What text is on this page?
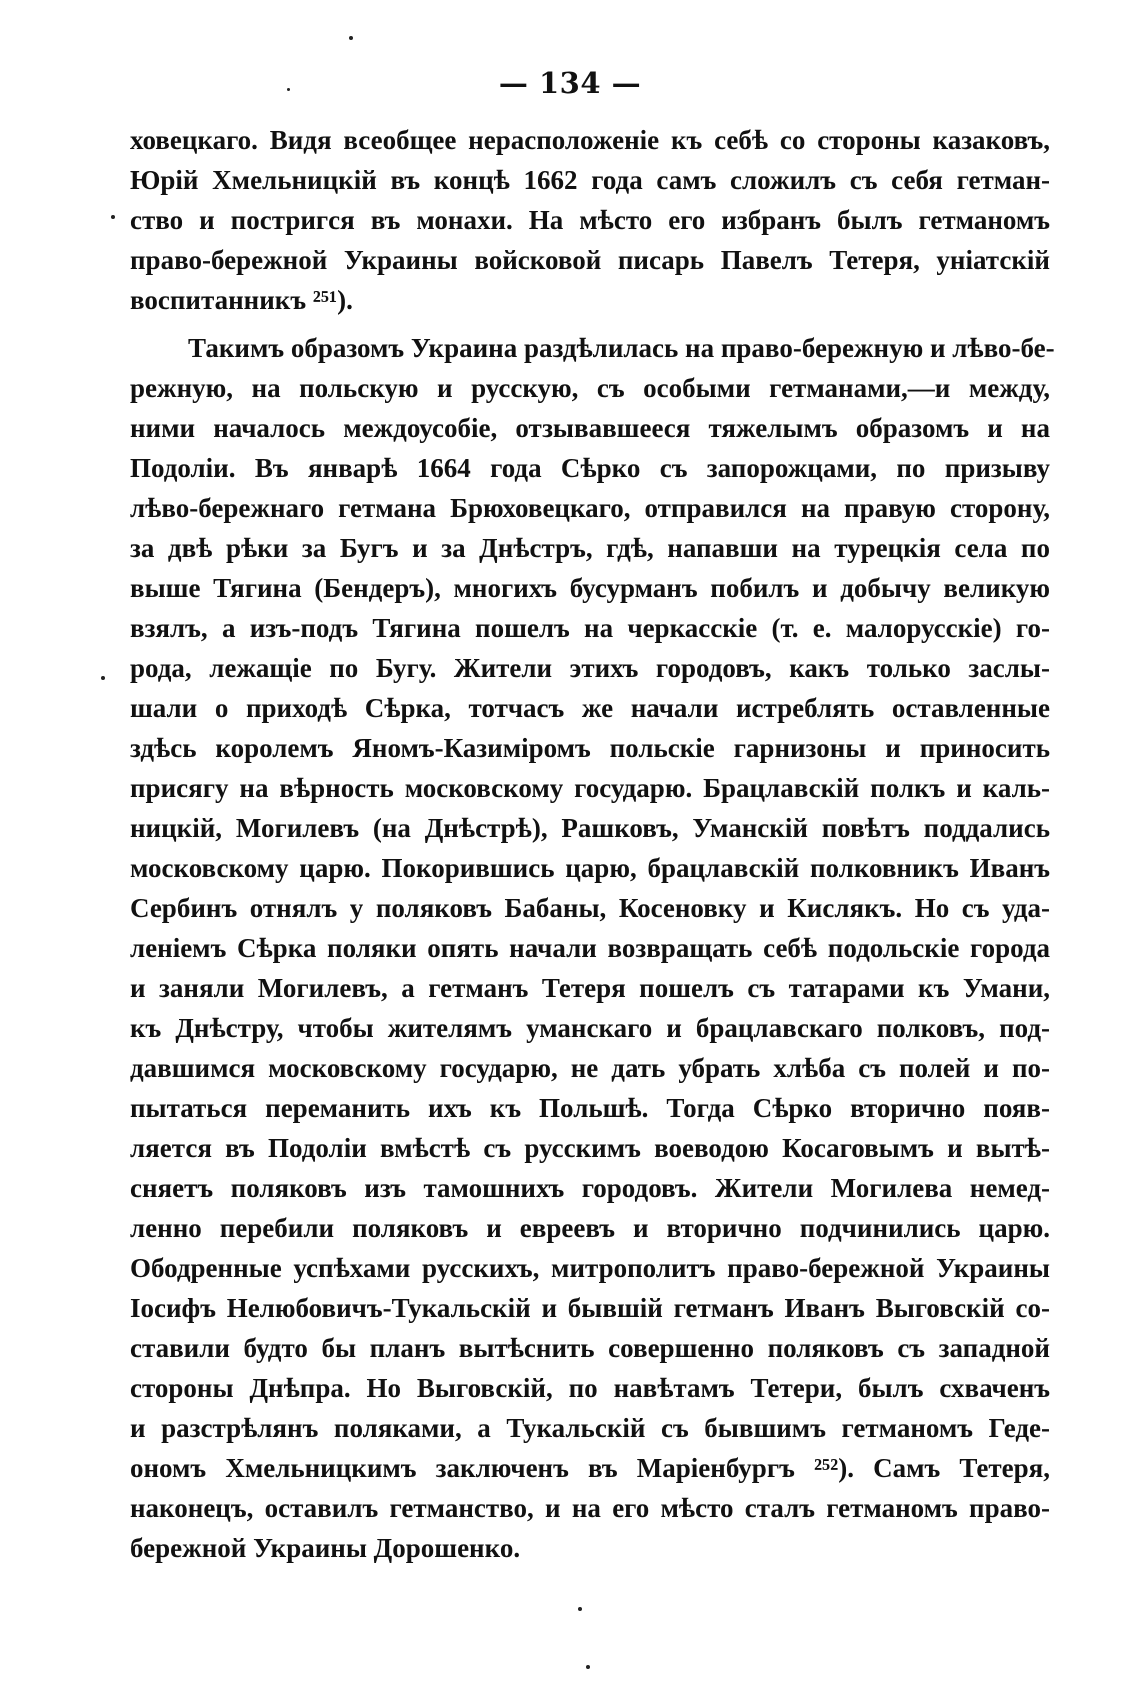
— 134 —
ховецкаго. Видя всеобщее нерасположеніе къ себѣ со стороны казаковъ,
Юрій Хмельницкій въ концѣ 1662 года самъ сложилъ съ себя гетман-
ство и постригся въ монахи. На мѣсто его избранъ былъ гетманомъ
право-бережной Украины войсковой писарь Павелъ Тетеря, уніатскій
воспитанникъ ²⁵¹).
Такимъ образомъ Украина раздѣлилась на право-бережную и лѣво-бе-
режную, на польскую и русскую, съ особыми гетманами,—и между,
ними началось междоусобіе, отзывавшееся тяжелымъ образомъ и на
Подоліи. Въ январѣ 1664 года Сѣрко съ запорожцами, по призыву
лѣво-бережнаго гетмана Брюховецкаго, отправился на правую сторону,
за двѣ рѣки за Бугъ и за Днѣстръ, гдѣ, напавши на турецкія села по
выше Тягина (Бендеръ), многихъ бусурманъ побилъ и добычу великую
взялъ, а изъ-подъ Тягина пошелъ на черкасскіе (т. е. малорусскіе) го-
рода, лежащіе по Бугу. Жители этихъ городовъ, какъ только заслы-
шали о приходѣ Сѣрка, тотчасъ же начали истреблять оставленные
здѣсь королемъ Яномъ-Казиміромъ польскіе гарнизоны и приносить
присягу на вѣрность московскому государю. Брацлавскій полкъ и каль-
ницкій, Могилевъ (на Днѣстрѣ), Рашковъ, Уманскій повѣтъ поддались
московскому царю. Покорившись царю, брацлавскій полковникъ Иванъ
Сербинъ отнялъ у поляковъ Бабаны, Косеновку и Кислякъ. Но съ уда-
леніемъ Сѣрка поляки опять начали возвращать себѣ подольскіе города
и заняли Могилевъ, а гетманъ Тетеря пошелъ съ татарами къ Умани,
къ Днѣстру, чтобы жителямъ уманскаго и брацлавскаго полковъ, под-
давшимся московскому государю, не дать убрать хлѣба съ полей и по-
пытаться переманить ихъ къ Польшѣ. Тогда Сѣрко вторично появ-
ляется въ Подоліи вмѣстѣ съ русскимъ воеводою Косаговымъ и вытѣ-
сняетъ поляковъ изъ тамошнихъ городовъ. Жители Могилева немед-
ленно перебили поляковъ и евреевъ и вторично подчинились царю.
Ободренные успѣхами русскихъ, митрополитъ право-бережной Украины
Іосифъ Нелюбовичъ-Тукальскій и бывшій гетманъ Иванъ Выговскій со-
ставили будто бы планъ вытѣснить совершенно поляковъ съ западной
стороны Днѣпра. Но Выговскій, по навѣтамъ Тетери, былъ схваченъ
и разстрѣлянъ поляками, а Тукальскій съ бывшимъ гетманомъ Геде-
ономъ Хмельницкимъ заключенъ въ Маріенбургъ ²⁵²). Самъ Тетеря,
наконецъ, оставилъ гетманство, и на его мѣсто сталъ гетманомъ право-
бережной Украины Дорошенко.
